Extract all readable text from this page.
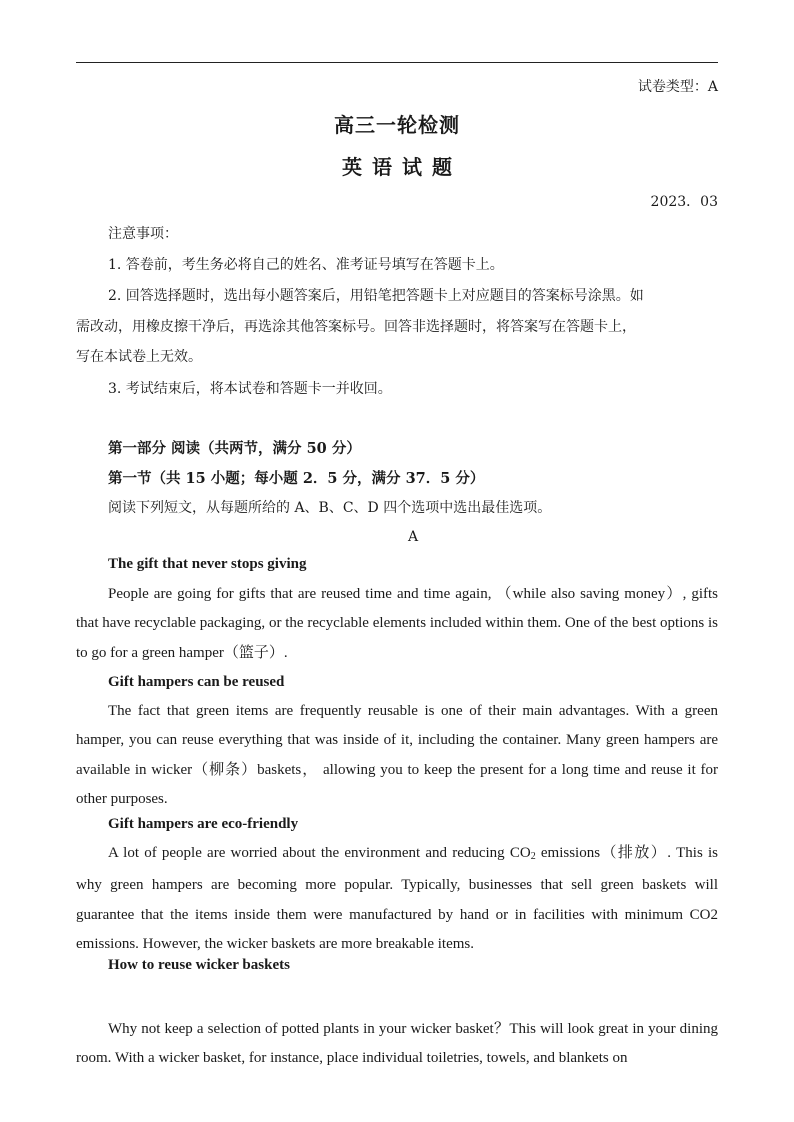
试卷类型：A
高三一轮检测
英语试题
2023．03
注意事项：
1. 答卷前，考生务必将自己的姓名、准考证号填写在答题卡上。
2. 回答选择题时，选出每小题答案后，用铅笔把答题卡上对应题目的答案标号涂黑。如
需改动，用橡皮擦干净后，再选涂其他答案标号。回答非选择题时，将答案写在答题卡上，
写在本试卷上无效。
3. 考试结束后，将本试卷和答题卡一并收回。
第一部分 阅读（共两节，满分 50 分）
第一节（共 15 小题；每小题 2．5 分，满分 37．5 分）
阅读下列短文，从每题所给的 A、B、C、D 四个选项中选出最佳选项。
A
The gift that never stops giving

People are going for gifts that are reused time and time again, （while also saving money）, gifts that have recyclable packaging, or the recyclable elements included within them. One of the best options is to go for a green hamper（篮子）.

Gift hampers can be reused

The fact that green items are frequently reusable is one of their main advantages. With a green hamper, you can reuse everything that was inside of it, including the container. Many green hampers are available in wicker（柳条）baskets， allowing you to keep the present for a long time and reuse it for other purposes.

Gift hampers are eco-friendly

A lot of people are worried about the environment and reducing CO2 emissions（排放）. This is why green hampers are becoming more popular. Typically, businesses that sell green baskets will guarantee that the items inside them were manufactured by hand or in facilities with minimum CO2 emissions. However, the wicker baskets are more breakable items.

How to reuse wicker baskets

Why not keep a selection of potted plants in your wicker basket？This will look great in your dining room. With a wicker basket, for instance, place individual toiletries, towels, and blankets on
